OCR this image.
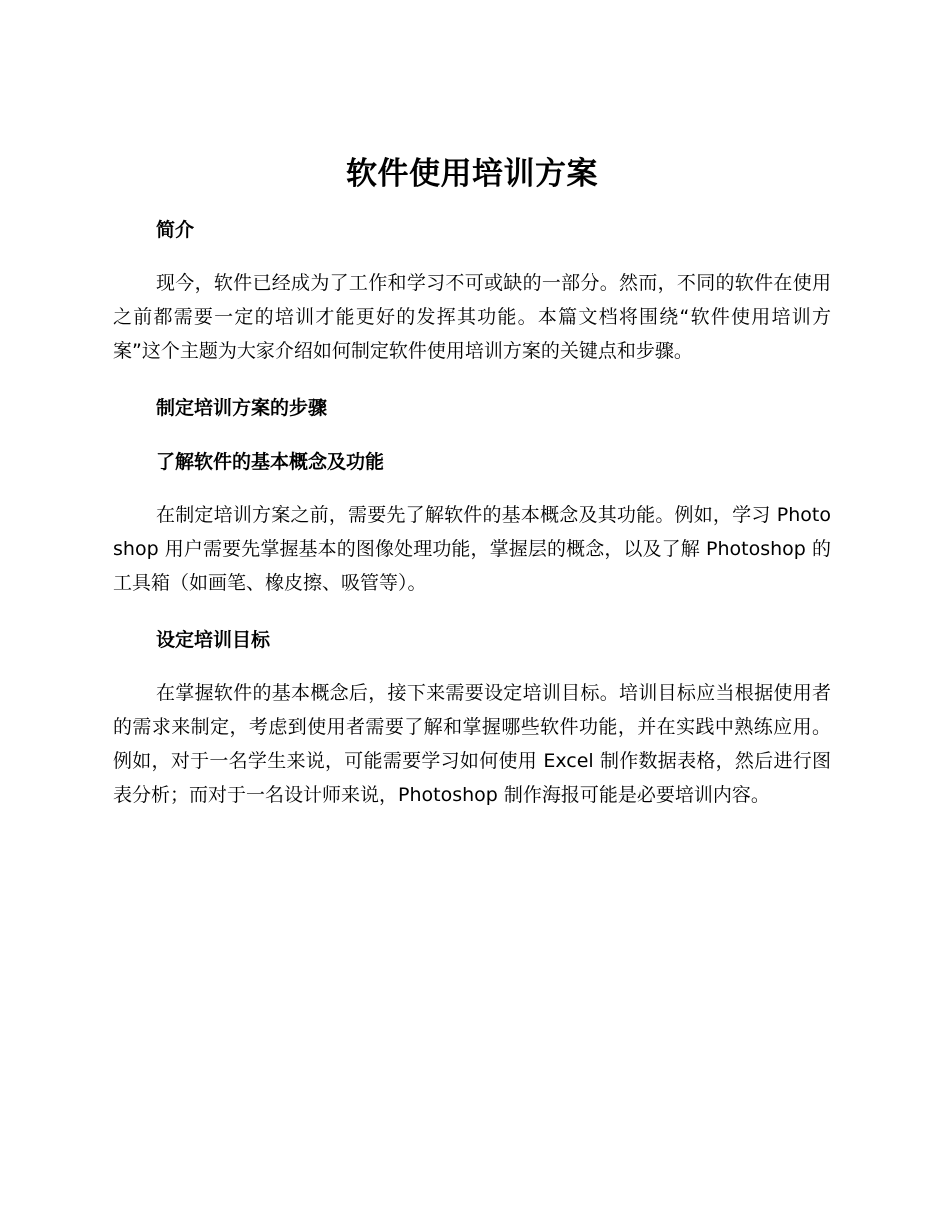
软件使用培训方案
简介

现今，软件已经成为了工作和学习不可或缺的一部分。然而，不同的软件在使用之前都需要一定的培训才能更好的发挥其功能。本篇文档将围绕“软件使用培训方案”这个主题为大家介绍如何制定软件使用培训方案的关键点和步骤。

制定培训方案的步骤
了解软件的基本概念及功能

在制定培训方案之前，需要先了解软件的基本概念及其功能。例如，学习 Photoshop 用户需要先掌握基本的图像处理功能，掌握层的概念，以及了解 Photoshop 的工具箱（如画笔、橡皮擦、吸管等）。

设定培训目标

在掌握软件的基本概念后，接下来需要设定培训目标。培训目标应当根据使用者的需求来制定，考虑到使用者需要了解和掌握哪些软件功能，并在实践中熟练应用。例如，对于一名学生来说，可能需要学习如何使用 Excel 制作数据表格，然后进行图表分析；而对于一名设计师来说，Photoshop 制作海报可能是必要培训内容。
